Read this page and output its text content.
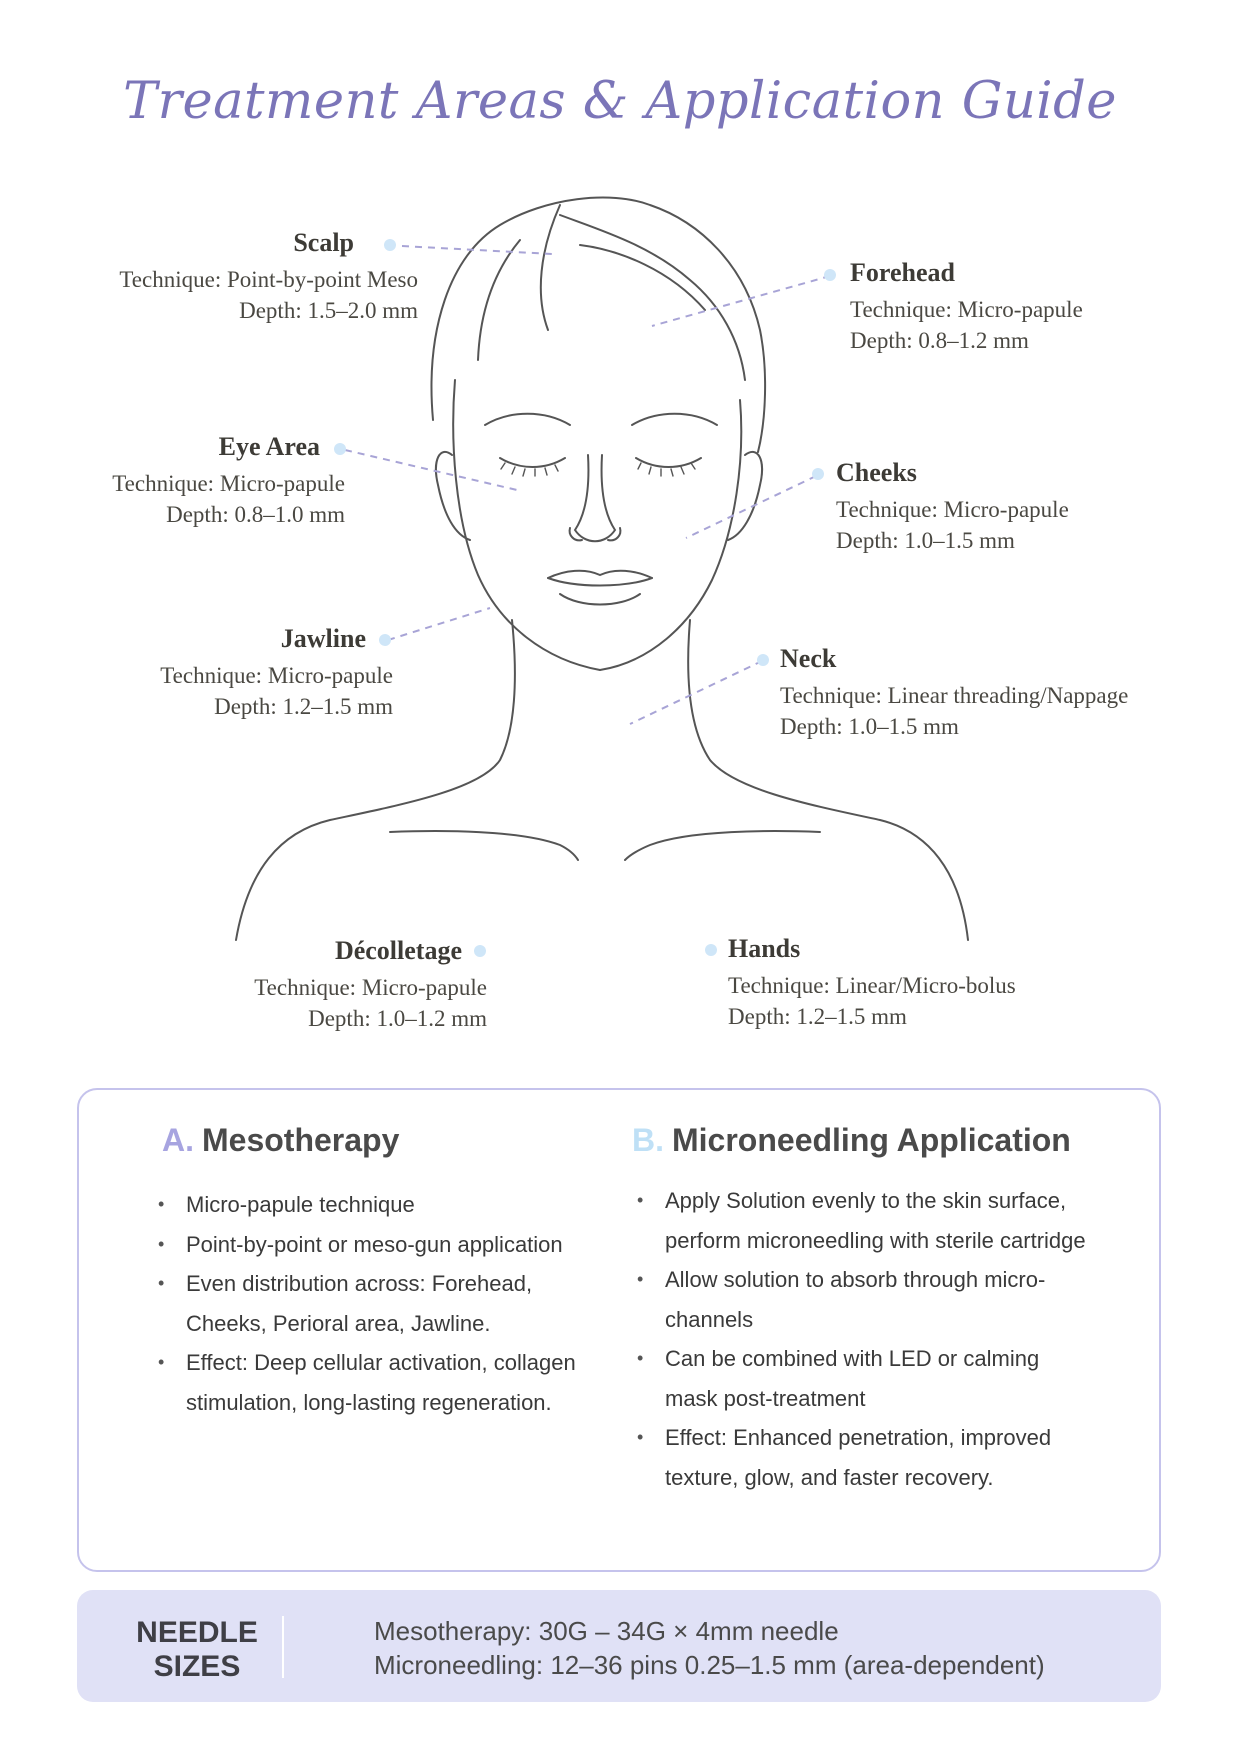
Treatment Areas & Application Guide
Scalp
Technique: Point-by-point Meso
Depth: 1.5–2.0 mm
Forehead
Technique: Micro-papule
Depth: 0.8–1.2 mm
Eye Area
Technique: Micro-papule
Depth: 0.8–1.0 mm
Cheeks
Technique: Micro-papule
Depth: 1.0–1.5 mm
Jawline
Technique: Micro-papule
Depth: 1.2–1.5 mm
Neck
Technique: Linear threading/Nappage
Depth: 1.0–1.5 mm
Décolletage
Technique: Micro-papule
Depth: 1.0–1.2 mm
Hands
Technique: Linear/Micro-bolus
Depth: 1.2–1.5 mm
A. Mesotherapy
• Micro-papule technique
• Point-by-point or meso-gun application
• Even distribution across: Forehead, Cheeks, Perioral area, Jawline.
• Effect: Deep cellular activation, collagen stimulation, long-lasting regeneration.
B. Microneedling Application
• Apply Solution evenly to the skin surface, perform microneedling with sterile cartridge
• Allow solution to absorb through micro-channels
• Can be combined with LED or calming mask post-treatment
• Effect: Enhanced penetration, improved texture, glow, and faster recovery.
NEEDLE SIZES
Mesotherapy: 30G – 34G × 4mm needle
Microneedling: 12–36 pins 0.25–1.5 mm (area-dependent)
